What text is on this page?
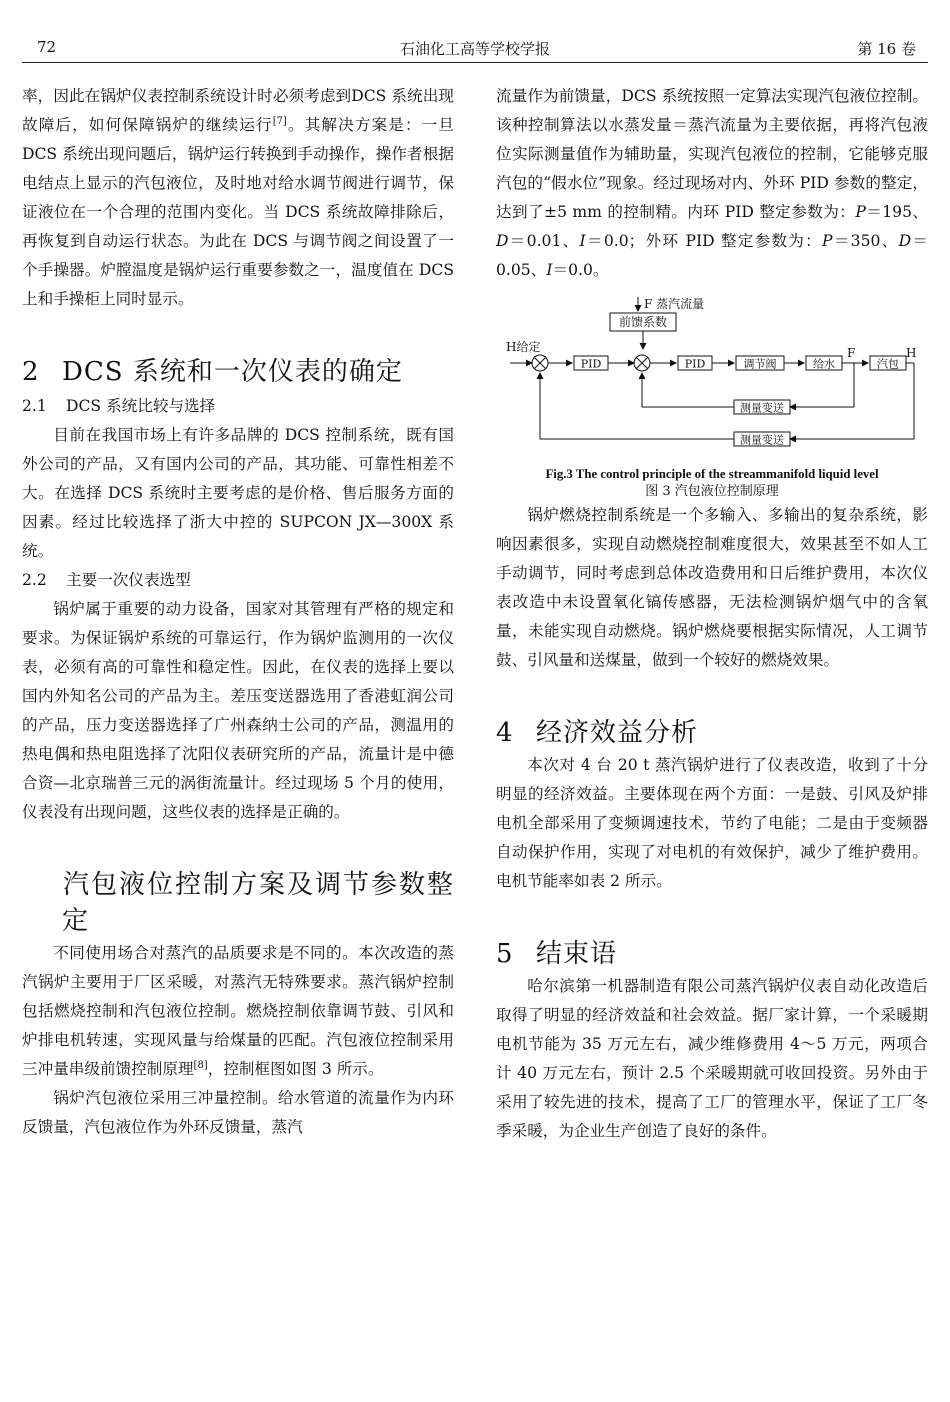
72	石油化工高等学校学报	第 16 卷

率，因此在锅炉仪表控制系统设计时必须考虑到DCS 系统出现故障后，如何保障锅炉的继续运行[7]。其解决方案是：一旦 DCS 系统出现问题后，锅炉运行转换到手动操作，操作者根据电结点上显示的汽包液位，及时地对给水调节阀进行调节，保证液位在一个合理的范围内变化。当 DCS 系统故障排除后，再恢复到自动运行状态。为此在 DCS 与调节阀之间设置了一个手操器。炉膛温度是锅炉运行重要参数之一，温度值在 DCS 上和手操柜上同时显示。

2 DCS 系统和一次仪表的确定

2.1 DCS 系统比较与选择

目前在我国市场上有许多品牌的 DCS 控制系统，既有国外公司的产品，又有国内公司的产品，其功能、可靠性相差不大。在选择 DCS 系统时主要考虑的是价格、售后服务方面的因素。经过比较选择了浙大中控的 SUPCON JX—300X 系统。

2.2 主要一次仪表选型

锅炉属于重要的动力设备，国家对其管理有严格的规定和要求。为保证锅炉系统的可靠运行，作为锅炉监测用的一次仪表，必须有高的可靠性和稳定性。因此，在仪表的选择上要以国内外知名公司的产品为主。差压变送器选用了香港虹润公司的产品，压力变送器选择了广州森纳士公司的产品，测温用的热电偶和热电阻选择了沈阳仪表研究所的产品，流量计是中德合资—北京瑞普三元的涡街流量计。经过现场 5 个月的使用，仪表没有出现问题，这些仪表的选择是正确的。

汽包液位控制方案及调节参数整定

不同使用场合对蒸汽的品质要求是不同的。本次改造的蒸汽锅炉主要用于厂区采暖，对蒸汽无特殊要求。蒸汽锅炉控制包括燃烧控制和汽包液位控制。燃烧控制依靠调节鼓、引风和炉排电机转速，实现风量与给煤量的匹配。汽包液位控制采用三冲量串级前馈控制原理[8]，控制框图如图 3 所示。

锅炉汽包液位采用三冲量控制。给水管道的流量作为内环反馈量，汽包液位作为外环反馈量，蒸汽

流量作为前馈量，DCS 系统按照一定算法实现汽包液位控制。该种控制算法以水蒸发量＝蒸汽流量为主要依据，再将汽包液位实际测量值作为辅助量，实现汽包液位的控制，它能够克服汽包的“假水位”现象。经过现场对内、外环 PID 参数的整定，达到了±5 mm 的控制精。内环 PID 整定参数为：P＝195、D＝0.01、I＝0.0；外环 PID 整定参数为：P＝350、D＝0.05、I＝0.0。

F 蒸汽流量
前馈系数
H给定
PID	PID	调节阀	给水
F
汽包
H
测量变送
测量变送

Fig.3 The control principle of the streammanifold liquid level

图 3 汽包液位控制原理

锅炉燃烧控制系统是一个多输入、多输出的复杂系统，影响因素很多，实现自动燃烧控制难度很大，效果甚至不如人工手动调节，同时考虑到总体改造费用和日后维护费用，本次仪表改造中未设置氧化镐传感器，无法检测锅炉烟气中的含氧量，未能实现自动燃烧。锅炉燃烧要根据实际情况，人工调节鼓、引风量和送煤量，做到一个较好的燃烧效果。

4 经济效益分析

本次对 4 台 20 t 蒸汽锅炉进行了仪表改造，收到了十分明显的经济效益。主要体现在两个方面：一是鼓、引风及炉排电机全部采用了变频调速技术，节约了电能；二是由于变频器自动保护作用，实现了对电机的有效保护，减少了维护费用。电机节能率如表 2 所示。

5 结束语

哈尔滨第一机器制造有限公司蒸汽锅炉仪表自动化改造后取得了明显的经济效益和社会效益。据厂家计算，一个采暖期电机节能为 35 万元左右，减少维修费用 4～5 万元，两项合计 40 万元左右，预计 2.5 个采暖期就可收回投资。另外由于采用了较先进的技术，提高了工厂的管理水平，保证了工厂冬季采暖，为企业生产创造了良好的条件。
